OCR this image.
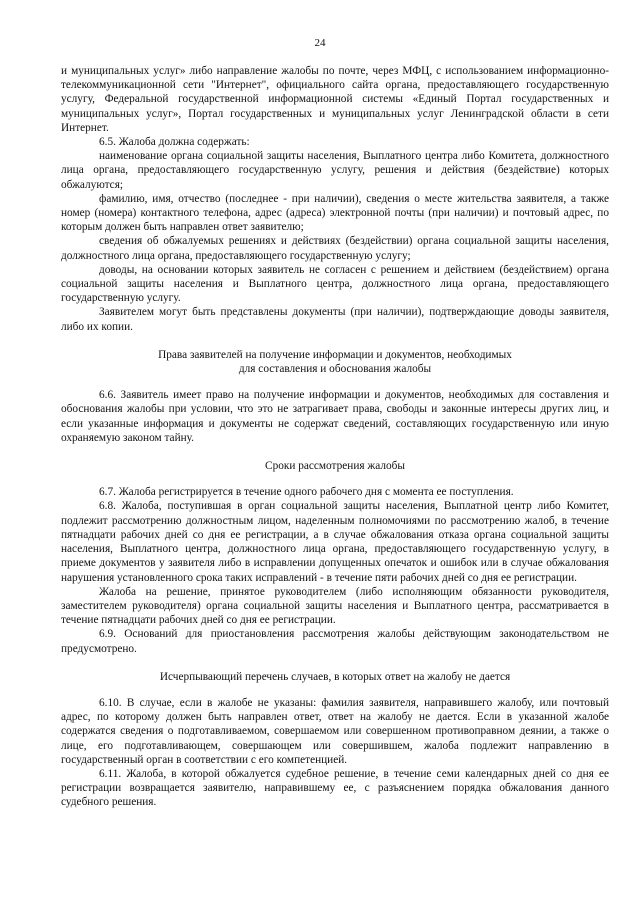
24

и муниципальных услуг» либо направление жалобы по почте, через МФЦ, с использованием информационно-телекоммуникационной сети "Интернет", официального сайта органа, предоставляющего государственную услугу, Федеральной государственной информационной системы «Единый Портал государственных и муниципальных услуг», Портал государственных и муниципальных услуг Ленинградской области в сети Интернет.

6.5. Жалоба должна содержать:

наименование органа социальной защиты населения, Выплатного центра либо Комитета, должностного лица органа, предоставляющего государственную услугу, решения и действия (бездействие) которых обжалуются;

фамилию, имя, отчество (последнее - при наличии), сведения о месте жительства заявителя, а также номер (номера) контактного телефона, адрес (адреса) электронной почты (при наличии) и почтовый адрес, по которым должен быть направлен ответ заявителю;

сведения об обжалуемых решениях и действиях (бездействии) органа социальной защиты населения, должностного лица органа, предоставляющего государственную услугу;

доводы, на основании которых заявитель не согласен с решением и действием (бездействием) органа социальной защиты населения и Выплатного центра, должностного лица органа, предоставляющего государственную услугу.

Заявителем могут быть представлены документы (при наличии), подтверждающие доводы заявителя, либо их копии.

Права заявителей на получение информации и документов, необходимых

для составления и обоснования жалобы

6.6. Заявитель имеет право на получение информации и документов, необходимых для составления и обоснования жалобы при условии, что это не затрагивает права, свободы и законные интересы других лиц, и если указанные информация и документы не содержат сведений, составляющих государственную или иную охраняемую законом тайну.

Сроки рассмотрения жалобы

6.7. Жалоба регистрируется в течение одного рабочего дня с момента ее поступления.

6.8. Жалоба, поступившая в орган социальной защиты населения, Выплатной центр либо Комитет, подлежит рассмотрению должностным лицом, наделенным полномочиями по рассмотрению жалоб, в течение пятнадцати рабочих дней со дня ее регистрации, а в случае обжалования отказа органа социальной защиты населения, Выплатного центра, должностного лица органа, предоставляющего государственную услугу, в приеме документов у заявителя либо в исправлении допущенных опечаток и ошибок или в случае обжалования нарушения установленного срока таких исправлений - в течение пяти рабочих дней со дня ее регистрации.

Жалоба на решение, принятое руководителем (либо исполняющим обязанности руководителя, заместителем руководителя) органа социальной защиты населения и Выплатного центра, рассматривается в течение пятнадцати рабочих дней со дня ее регистрации.

6.9. Оснований для приостановления рассмотрения жалобы действующим законодательством не предусмотрено.

Исчерпывающий перечень случаев, в которых ответ на жалобу не дается

6.10. В случае, если в жалобе не указаны: фамилия заявителя, направившего жалобу, или почтовый адрес, по которому должен быть направлен ответ, ответ на жалобу не дается. Если в указанной жалобе содержатся сведения о подготавливаемом, совершаемом или совершенном противоправном деянии, а также о лице, его подготавливающем, совершающем или совершившем, жалоба подлежит направлению в государственный орган в соответствии с его компетенцией.

6.11. Жалоба, в которой обжалуется судебное решение, в течение семи календарных дней со дня ее регистрации возвращается заявителю, направившему ее, с разъяснением порядка обжалования данного судебного решения.
